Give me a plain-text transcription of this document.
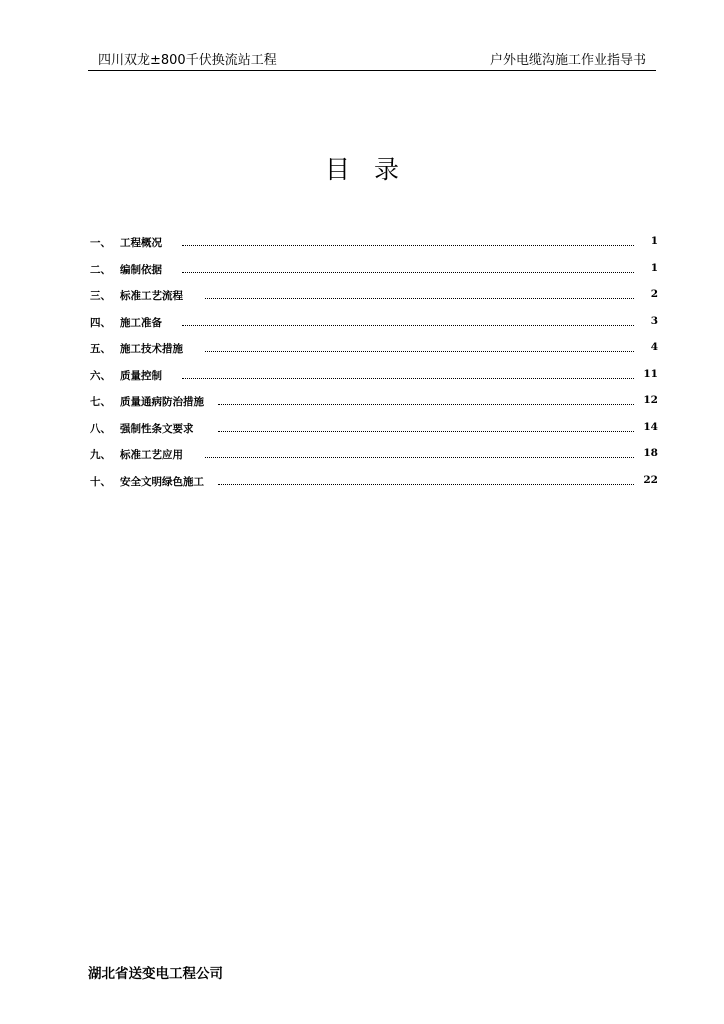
四川双龙±800千伏换流站工程	户外电缆沟施工作业指导书
目录
一、 工程概况	1
二、 编制依据	1
三、 标准工艺流程	2
四、 施工准备	3
五、 施工技术措施	4
六、 质量控制	11
七、 质量通病防治措施	12
八、 强制性条文要求	14
九、 标准工艺应用	18
十、 安全文明绿色施工	22
湖北省送变电工程公司
